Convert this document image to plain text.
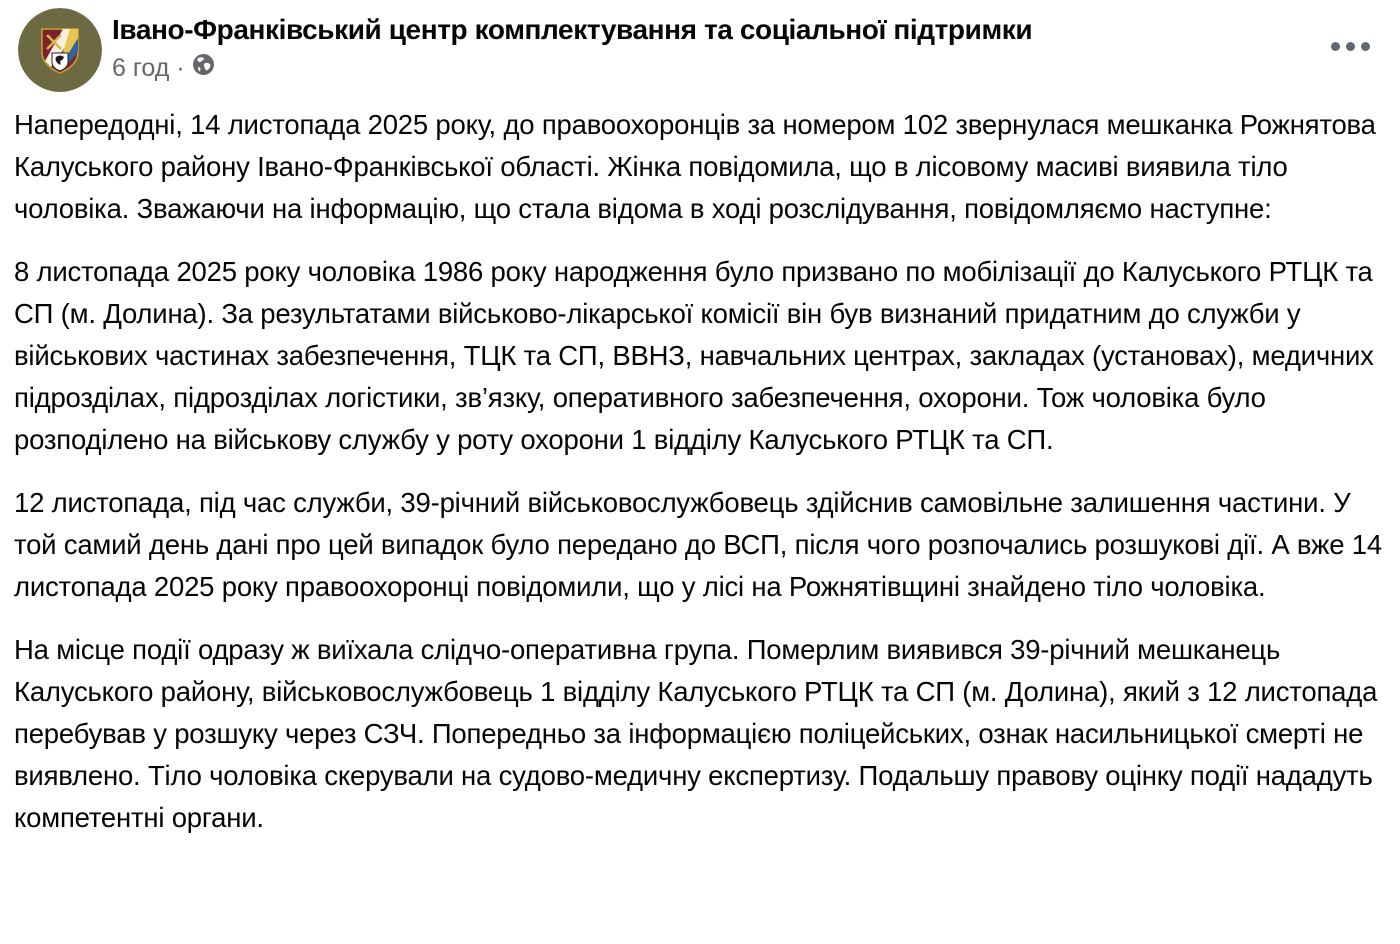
Івано-Франківський центр комплектування та соціальної підтримки
6 год ·

Напередодні, 14 листопада 2025 року, до правоохоронців за номером 102 звернулася мешканка Рожнятова Калуського району Івано-Франківської області. Жінка повідомила, що в лісовому масиві виявила тіло чоловіка. Зважаючи на інформацію, що стала відома в ході розслідування, повідомляємо наступне:

8 листопада 2025 року чоловіка 1986 року народження було призвано по мобілізації до Калуського РТЦК та СП (м. Долина). За результатами військово-лікарської комісії він був визнаний придатним до служби у військових частинах забезпечення, ТЦК та СП, ВВНЗ, навчальних центрах, закладах (установах), медичних підрозділах, підрозділах логістики, зв’язку, оперативного забезпечення, охорони. Тож чоловіка було розподілено на військову службу у роту охорони 1 відділу Калуського РТЦК та СП.

12 листопада, під час служби, 39-річний військовослужбовець здійснив самовільне залишення частини. У той самий день дані про цей випадок було передано до ВСП, після чого розпочались розшукові дії. А вже 14 листопада 2025 року правоохоронці повідомили, що у лісі на Рожнятівщині знайдено тіло чоловіка.

На місце події одразу ж виїхала слідчо-оперативна група. Померлим виявився 39-річний мешканець Калуського району, військовослужбовець 1 відділу Калуського РТЦК та СП (м. Долина), який з 12 листопада перебував у розшуку через СЗЧ. Попередньо за інформацією поліцейських, ознак насильницької смерті не виявлено. Тіло чоловіка скерували на судово-медичну експертизу. Подальшу правову оцінку події нададуть компетентні органи.
